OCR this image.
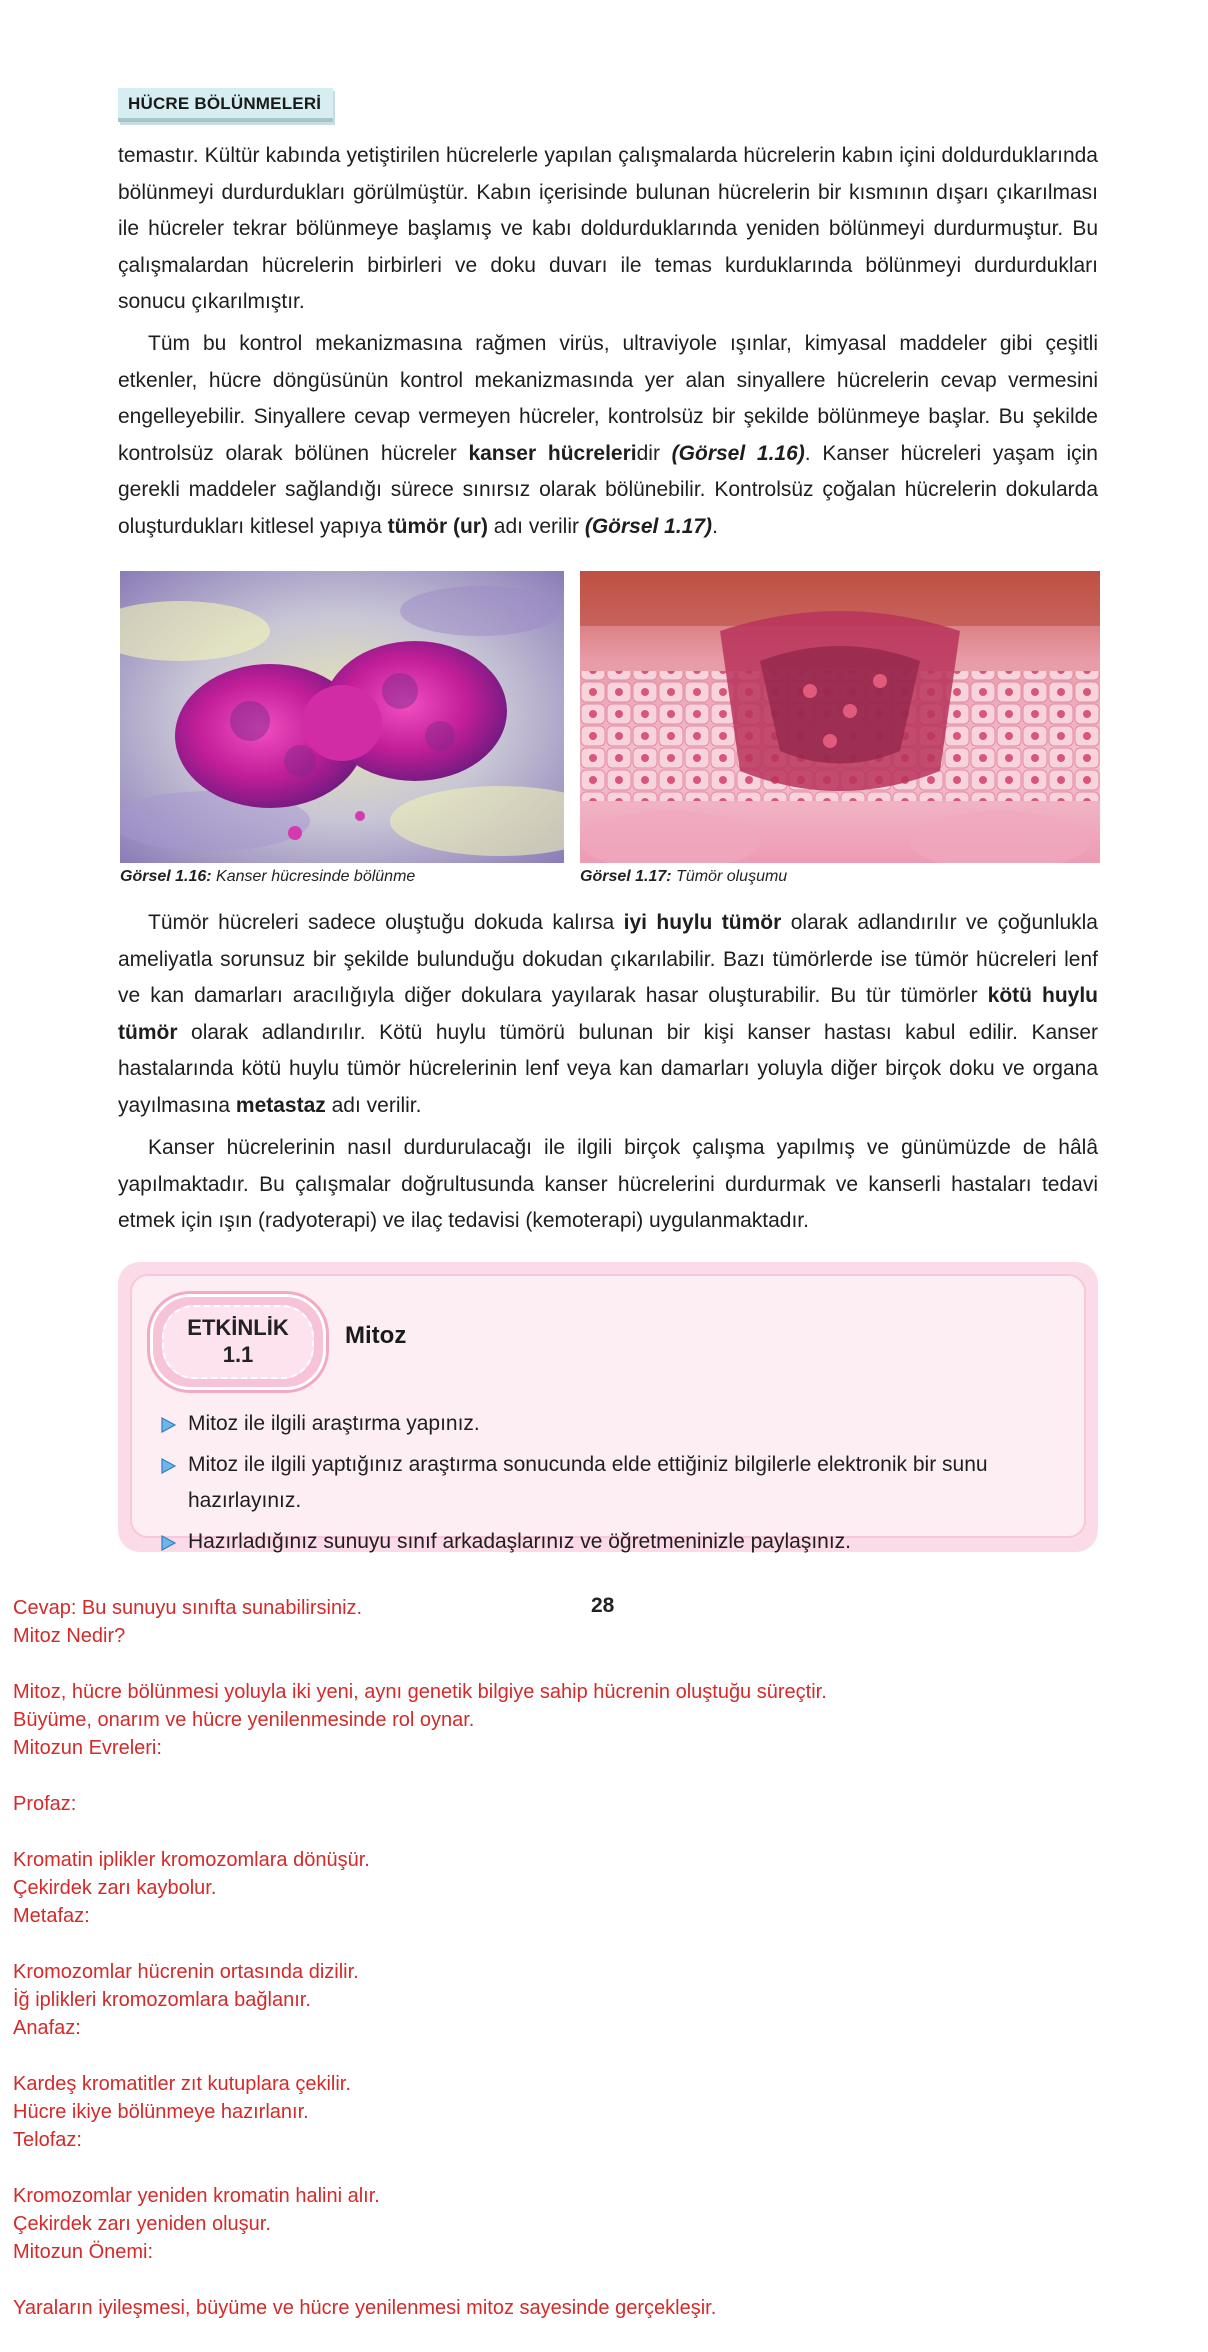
HÜCRE BÖLÜNMELERİ

temastır. Kültür kabında yetiştirilen hücrelerle yapılan çalışmalarda hücrelerin kabın içini doldurduklarında bölünmeyi durdurdukları görülmüştür. Kabın içerisinde bulunan hücrelerin bir kısmının dışarı çıkarılması ile hücreler tekrar bölünmeye başlamış ve kabı doldurduklarında yeniden bölünmeyi durdurmuştur. Bu çalışmalardan hücrelerin birbirleri ve doku duvarı ile temas kurduklarında bölünmeyi durdurdukları sonucu çıkarılmıştır.

Tüm bu kontrol mekanizmasına rağmen virüs, ultraviyole ışınlar, kimyasal maddeler gibi çeşitli etkenler, hücre döngüsünün kontrol mekanizmasında yer alan sinyallere hücrelerin cevap vermesini engelleyebilir. Sinyallere cevap vermeyen hücreler, kontrolsüz bir şekilde bölünmeye başlar. Bu şekilde kontrolsüz olarak bölünen hücreler kanser hücreleridir (Görsel 1.16). Kanser hücreleri yaşam için gerekli maddeler sağlandığı sürece sınırsız olarak bölünebilir. Kontrolsüz çoğalan hücrelerin dokularda oluşturdukları kitlesel yapıya tümör (ur) adı verilir (Görsel 1.17).

Görsel 1.16: Kanser hücresinde bölünme	Görsel 1.17: Tümör oluşumu

Tümör hücreleri sadece oluştuğu dokuda kalırsa iyi huylu tümör olarak adlandırılır ve çoğunlukla ameliyatla sorunsuz bir şekilde bulunduğu dokudan çıkarılabilir. Bazı tümörlerde ise tümör hücreleri lenf ve kan damarları aracılığıyla diğer dokulara yayılarak hasar oluşturabilir. Bu tür tümörler kötü huylu tümör olarak adlandırılır. Kötü huylu tümörü bulunan bir kişi kanser hastası kabul edilir. Kanser hastalarında kötü huylu tümör hücrelerinin lenf veya kan damarları yoluyla diğer birçok doku ve organa yayılmasına metastaz adı verilir.

Kanser hücrelerinin nasıl durdurulacağı ile ilgili birçok çalışma yapılmış ve günümüzde de hâlâ yapılmaktadır. Bu çalışmalar doğrultusunda kanser hücrelerini durdurmak ve kanserli hastaları tedavi etmek için ışın (radyoterapi) ve ilaç tedavisi (kemoterapi) uygulanmaktadır.

ETKİNLİK
1.1
Mitoz
Mitoz ile ilgili araştırma yapınız.
Mitoz ile ilgili yaptığınız araştırma sonucunda elde ettiğiniz bilgilerle elektronik bir sunu hazırlayınız.
Hazırladığınız sunuyu sınıf arkadaşlarınız ve öğretmeninizle paylaşınız.
28
Cevap: Bu sunuyu sınıfta sunabilirsiniz.
Mitoz Nedir?
Mitoz, hücre bölünmesi yoluyla iki yeni, aynı genetik bilgiye sahip hücrenin oluştuğu süreçtir.
Büyüme, onarım ve hücre yenilenmesinde rol oynar.
Mitozun Evreleri:
Profaz:
Kromatin iplikler kromozomlara dönüşür.
Çekirdek zarı kaybolur.
Metafaz:
Kromozomlar hücrenin ortasında dizilir.
İğ iplikleri kromozomlara bağlanır.
Anafaz:
Kardeş kromatitler zıt kutuplara çekilir.
Hücre ikiye bölünmeye hazırlanır.
Telofaz:
Kromozomlar yeniden kromatin halini alır.
Çekirdek zarı yeniden oluşur.
Mitozun Önemi:
Yaraların iyileşmesi, büyüme ve hücre yenilenmesi mitoz sayesinde gerçekleşir.
